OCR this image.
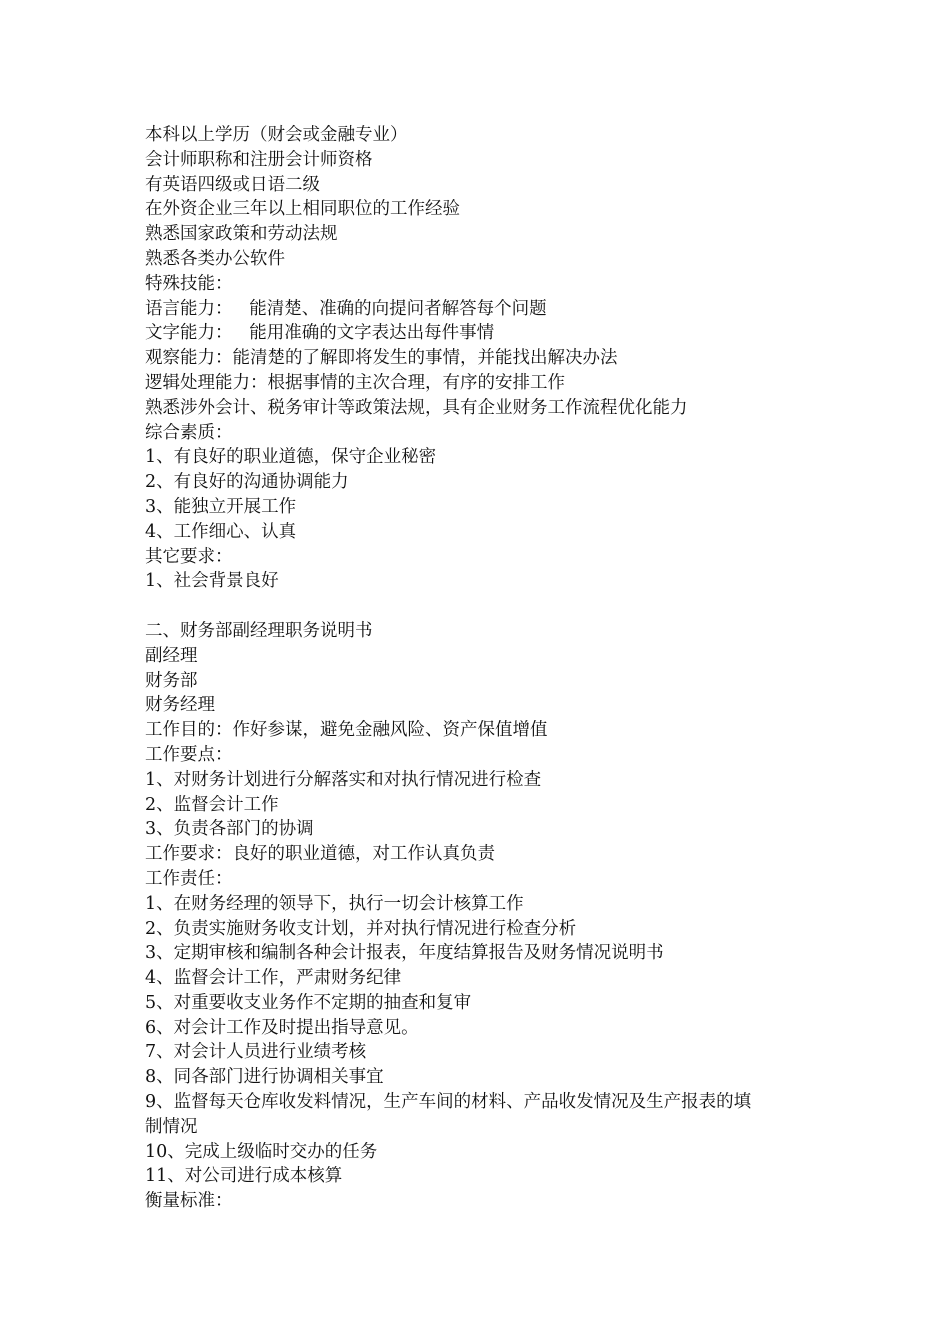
本科以上学历（财会或金融专业）
会计师职称和注册会计师资格
有英语四级或日语二级
在外资企业三年以上相同职位的工作经验
熟悉国家政策和劳动法规
熟悉各类办公软件
特殊技能：
语言能力：   能清楚、准确的向提问者解答每个问题
文字能力：   能用准确的文字表达出每件事情
观察能力：能清楚的了解即将发生的事情，并能找出解决办法
逻辑处理能力：根据事情的主次合理，有序的安排工作
熟悉涉外会计、税务审计等政策法规，具有企业财务工作流程优化能力
综合素质：
1、有良好的职业道德，保守企业秘密
2、有良好的沟通协调能力
3、能独立开展工作
4、工作细心、认真
其它要求：
1、社会背景良好
二、财务部副经理职务说明书
副经理
财务部
财务经理
工作目的：作好参谋，避免金融风险、资产保值增值
工作要点：
1、对财务计划进行分解落实和对执行情况进行检查
2、监督会计工作
3、负责各部门的协调
工作要求：良好的职业道德，对工作认真负责
工作责任：
1、在财务经理的领导下，执行一切会计核算工作
2、负责实施财务收支计划，并对执行情况进行检查分析
3、定期审核和编制各种会计报表，年度结算报告及财务情况说明书
4、监督会计工作，严肃财务纪律
5、对重要收支业务作不定期的抽查和复审
6、对会计工作及时提出指导意见。
7、对会计人员进行业绩考核
8、同各部门进行协调相关事宜
9、监督每天仓库收发料情况，生产车间的材料、产品收发情况及生产报表的填
制情况
10、完成上级临时交办的任务
11、对公司进行成本核算
衡量标准：
